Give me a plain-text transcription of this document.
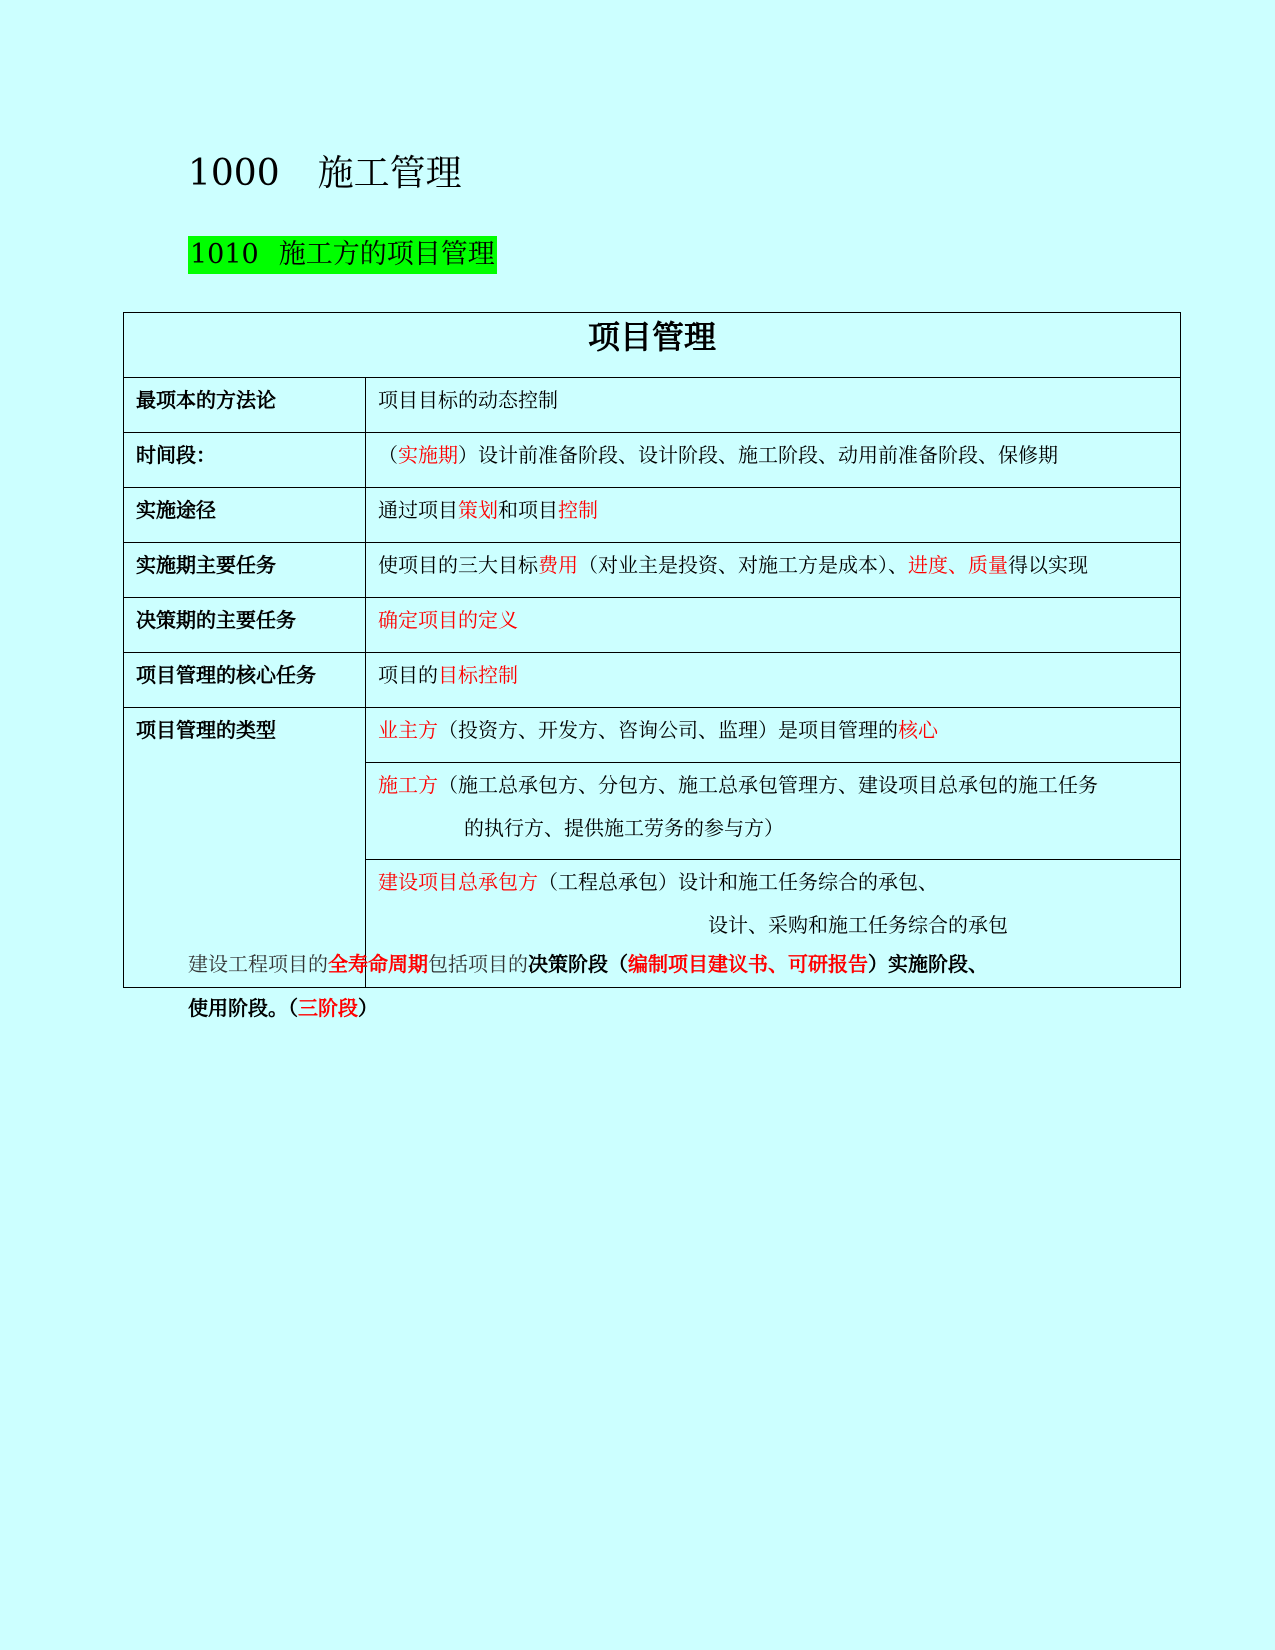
1000 施工管理
1010 施工方的项目管理
项目管理	
最项本的方法论	项目目标的动态控制
时间段：	（实施期）设计前准备阶段、设计阶段、施工阶段、动用前准备阶段、保修期
实施途径	通过项目策划和项目控制
实施期主要任务	使项目的三大目标费用（对业主是投资、对施工方是成本）、进度、质量得以实现
决策期的主要任务	确定项目的定义
项目管理的核心任务	项目的目标控制
项目管理的类型	业主方（投资方、开发方、咨询公司、监理）是项目管理的核心
	施工方（施工总承包方、分包方、施工总承包管理方、建设项目总承包的施工任务
的执行方、提供施工劳务的参与方）

	建设项目总承包方（工程总承包）设计和施工任务综合的承包、
设计、采购和施工任务综合的承包
建设工程项目的全寿命周期包括项目的决策阶段（编制项目建议书、可研报告）实施阶段、
使用阶段。（三阶段）
